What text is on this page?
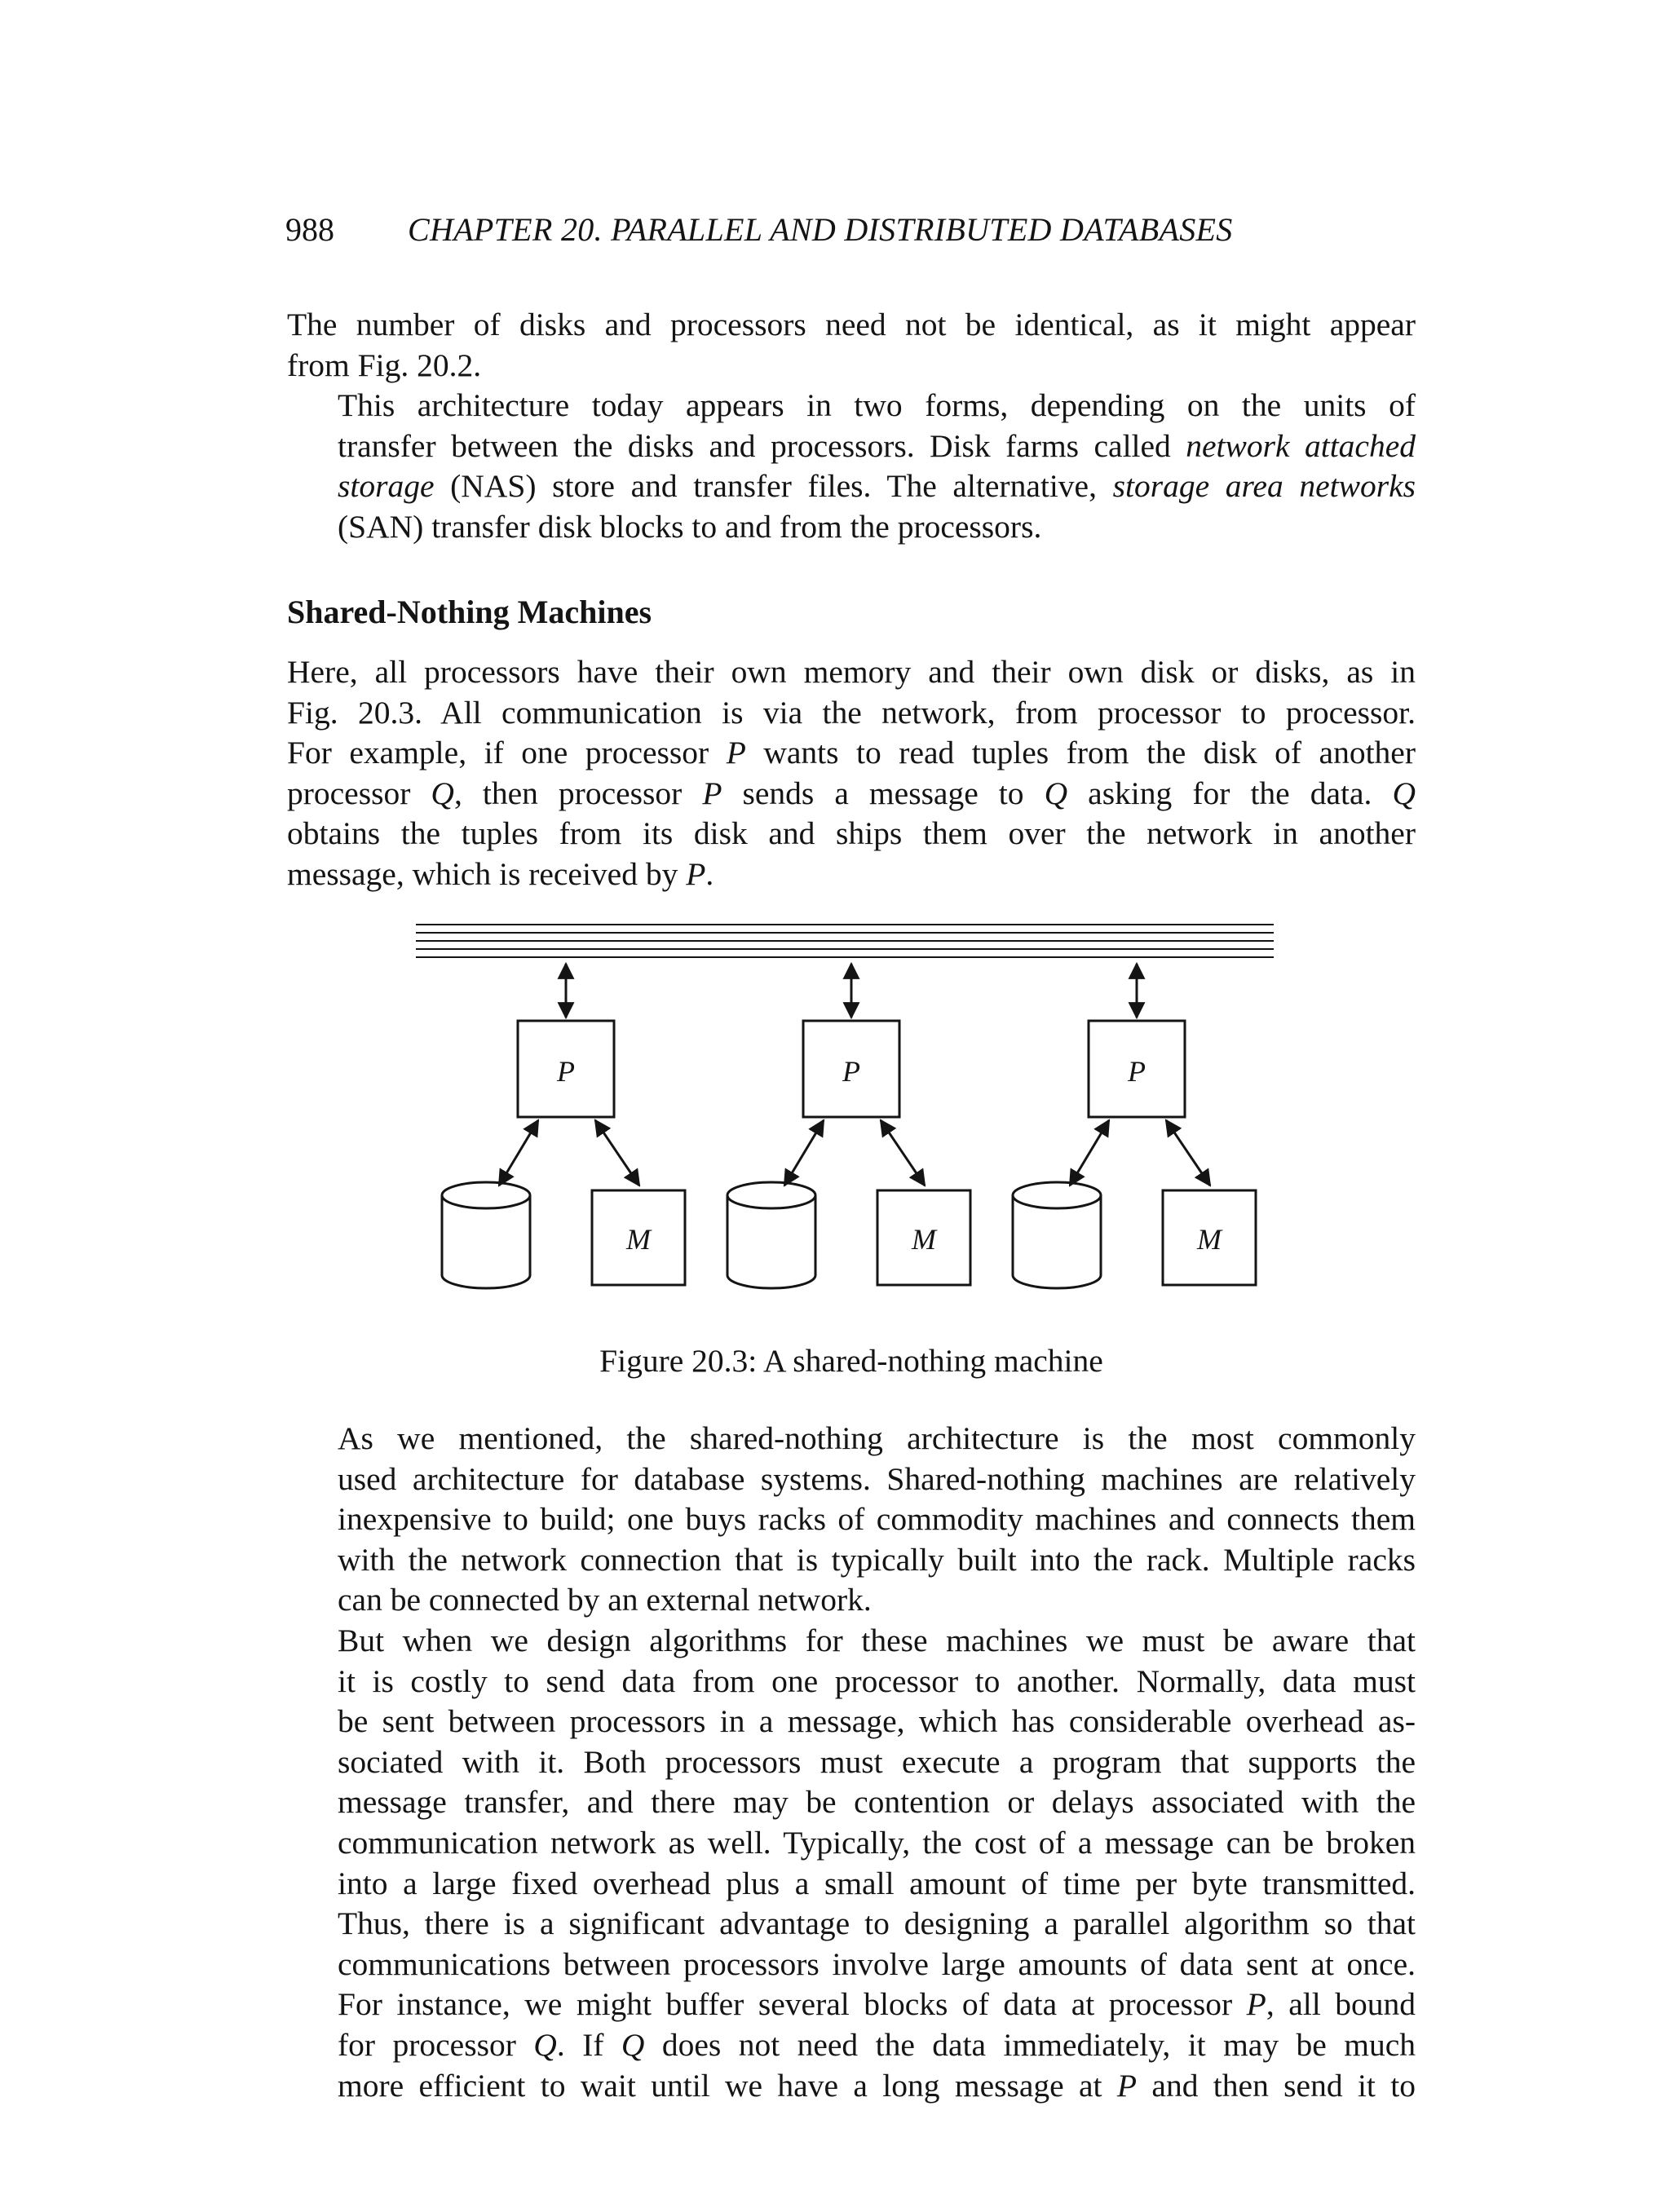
988	CHAPTER 20. PARALLEL AND DISTRIBUTED DATABASES

The number of disks and processors need not be identical, as it might appear
from Fig. 20.2.

This architecture today appears in two forms, depending on the units of
transfer between the disks and processors. Disk farms called network attached
storage (NAS) store and transfer files. The alternative, storage area networks
(SAN) transfer disk blocks to and from the processors.

Shared-Nothing Machines

Here, all processors have their own memory and their own disk or disks, as in
Fig. 20.3. All communication is via the network, from processor to processor.
For example, if one processor P wants to read tuples from the disk of another
processor Q, then processor P sends a message to Q asking for the data. Q
obtains the tuples from its disk and ships them over the network in another
message, which is received by P.

P
M
P
M
P
M
Figure 20.3: A shared-nothing machine

As we mentioned, the shared-nothing architecture is the most commonly
used architecture for database systems. Shared-nothing machines are relatively
inexpensive to build; one buys racks of commodity machines and connects them
with the network connection that is typically built into the rack. Multiple racks
can be connected by an external network.

But when we design algorithms for these machines we must be aware that
it is costly to send data from one processor to another. Normally, data must
be sent between processors in a message, which has considerable overhead as-
sociated with it. Both processors must execute a program that supports the
message transfer, and there may be contention or delays associated with the
communication network as well. Typically, the cost of a message can be broken
into a large fixed overhead plus a small amount of time per byte transmitted.
Thus, there is a significant advantage to designing a parallel algorithm so that
communications between processors involve large amounts of data sent at once.
For instance, we might buffer several blocks of data at processor P, all bound
for processor Q. If Q does not need the data immediately, it may be much
more efficient to wait until we have a long message at P and then send it to
